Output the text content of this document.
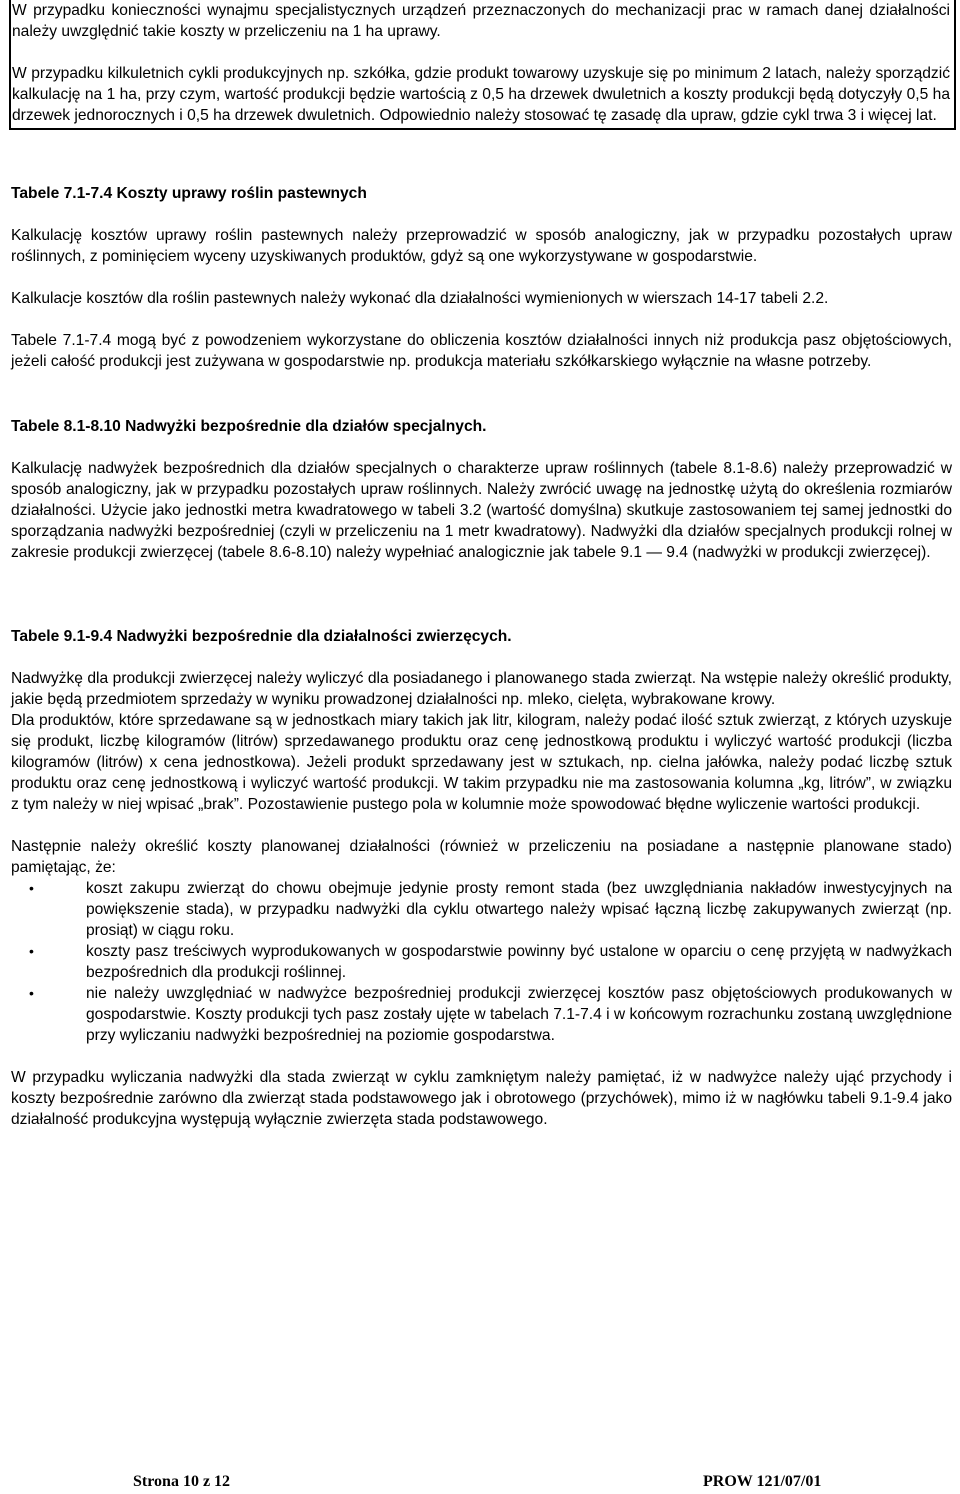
W przypadku konieczności wynajmu specjalistycznych urządzeń przeznaczonych do mechanizacji prac w ramach danej działalności należy uwzględnić takie koszty w przeliczeniu na 1 ha uprawy.

W przypadku kilkuletnich cykli produkcyjnych np. szkółka, gdzie produkt towarowy uzyskuje się po minimum 2 latach, należy sporządzić kalkulację na 1 ha, przy czym, wartość produkcji będzie wartością z 0,5 ha drzewek dwuletnich a koszty produkcji będą dotyczyły 0,5 ha drzewek jednorocznych i 0,5 ha drzewek dwuletnich. Odpowiednio należy stosować tę zasadę dla upraw, gdzie cykl trwa 3 i więcej lat.

Tabele 7.1-7.4 Koszty uprawy roślin pastewnych

Kalkulację kosztów uprawy roślin pastewnych należy przeprowadzić w sposób analogiczny, jak w przypadku pozostałych upraw roślinnych, z pominięciem wyceny uzyskiwanych produktów, gdyż są one wykorzystywane w gospodarstwie.

Kalkulacje kosztów dla roślin pastewnych należy wykonać dla działalności wymienionych w wierszach 14-17 tabeli 2.2.

Tabele 7.1-7.4 mogą być z powodzeniem wykorzystane do obliczenia kosztów działalności innych niż produkcja pasz objętościowych, jeżeli całość produkcji jest zużywana w gospodarstwie np. produkcja materiału szkółkarskiego wyłącznie na własne potrzeby.

Tabele 8.1-8.10 Nadwyżki bezpośrednie dla działów specjalnych.

Kalkulację nadwyżek bezpośrednich dla działów specjalnych o charakterze upraw roślinnych (tabele 8.1-8.6) należy przeprowadzić w sposób analogiczny, jak w przypadku pozostałych upraw roślinnych. Należy zwrócić uwagę na jednostkę użytą do określenia rozmiarów działalności. Użycie jako jednostki metra kwadratowego w tabeli 3.2 (wartość domyślna) skutkuje zastosowaniem tej samej jednostki do sporządzania nadwyżki bezpośredniej (czyli w przeliczeniu na 1 metr kwadratowy). Nadwyżki dla działów specjalnych produkcji rolnej w zakresie produkcji zwierzęcej (tabele 8.6-8.10) należy wypełniać analogicznie jak tabele 9.1 — 9.4 (nadwyżki w produkcji zwierzęcej).

Tabele 9.1-9.4 Nadwyżki bezpośrednie dla działalności zwierzęcych.

Nadwyżkę dla produkcji zwierzęcej należy wyliczyć dla posiadanego i planowanego stada zwierząt. Na wstępie należy określić produkty, jakie będą przedmiotem sprzedaży w wyniku prowadzonej działalności np. mleko, cielęta, wybrakowane krowy.

Dla produktów, które sprzedawane są w jednostkach miary takich jak litr, kilogram, należy podać ilość sztuk zwierząt, z których uzyskuje się produkt, liczbę kilogramów (litrów) sprzedawanego produktu oraz cenę jednostkową produktu i wyliczyć wartość produkcji (liczba kilogramów (litrów) x cena jednostkowa). Jeżeli produkt sprzedawany jest w sztukach, np. cielna jałówka, należy podać liczbę sztuk produktu oraz cenę jednostkową i wyliczyć wartość produkcji. W takim przypadku nie ma zastosowania kolumna „kg, litrów”, w związku z tym należy w niej wpisać „brak”. Pozostawienie pustego pola w kolumnie może spowodować błędne wyliczenie wartości produkcji.

Następnie należy określić koszty planowanej działalności (również w przeliczeniu na posiadane a następnie planowane stado) pamiętając, że:

•	koszt zakupu zwierząt do chowu obejmuje jedynie prosty remont stada (bez uwzględniania nakładów inwestycyjnych na powiększenie stada), w przypadku nadwyżki dla cyklu otwartego należy wpisać łączną liczbę zakupywanych zwierząt (np. prosiąt) w ciągu roku.
•	koszty pasz treściwych wyprodukowanych w gospodarstwie powinny być ustalone w oparciu o cenę przyjętą w nadwyżkach bezpośrednich dla produkcji roślinnej.
•	nie należy uwzględniać w nadwyżce bezpośredniej produkcji zwierzęcej kosztów pasz objętościowych produkowanych w gospodarstwie. Koszty produkcji tych pasz zostały ujęte w tabelach 7.1-7.4 i w końcowym rozrachunku zostaną uwzględnione przy wyliczaniu nadwyżki bezpośredniej na poziomie gospodarstwa.

W przypadku wyliczania nadwyżki dla stada zwierząt w cyklu zamkniętym należy pamiętać, iż w nadwyżce należy ująć przychody i koszty bezpośrednie zarówno dla zwierząt stada podstawowego jak i obrotowego (przychówek), mimo iż w nagłówku tabeli 9.1-9.4 jako działalność produkcyjna występują wyłącznie zwierzęta stada podstawowego.

Strona 10 z 12	PROW 121/07/01
